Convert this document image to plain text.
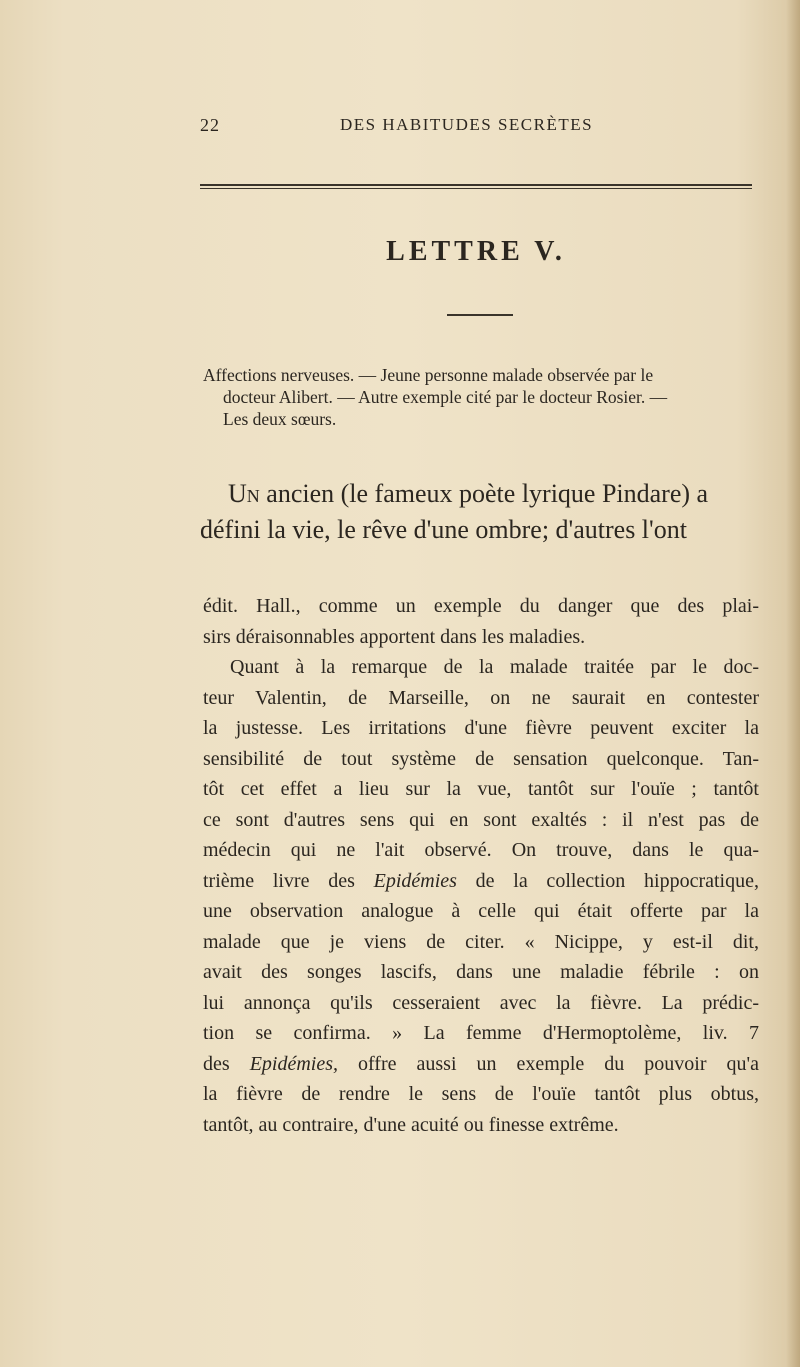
22	DES HABITUDES SECRÈTES
LETTRE V.
Affections nerveuses. — Jeune personne malade observée par le
docteur Alibert. — Autre exemple cité par le docteur Rosier. —
Les deux sœurs.
Un ancien (le fameux poète lyrique Pindare) a
défini la vie, le rêve d'une ombre; d'autres l'ont
édit. Hall., comme un exemple du danger que des plai-
sirs déraisonnables apportent dans les maladies.
Quant à la remarque de la malade traitée par le doc-
teur Valentin, de Marseille, on ne saurait en contester
la justesse. Les irritations d'une fièvre peuvent exciter la
sensibilité de tout système de sensation quelconque. Tan-
tôt cet effet a lieu sur la vue, tantôt sur l'ouïe ; tantôt
ce sont d'autres sens qui en sont exaltés : il n'est pas de
médecin qui ne l'ait observé. On trouve, dans le qua-
trième livre des Epidémies de la collection hippocratique,
une observation analogue à celle qui était offerte par la
malade que je viens de citer. « Nicippe, y est-il dit,
avait des songes lascifs, dans une maladie fébrile : on
lui annonça qu'ils cesseraient avec la fièvre. La prédic-
tion se confirma. » La femme d'Hermoptolème, liv. 7
des Epidémies, offre aussi un exemple du pouvoir qu'a
la fièvre de rendre le sens de l'ouïe tantôt plus obtus,
tantôt, au contraire, d'une acuité ou finesse extrême.
